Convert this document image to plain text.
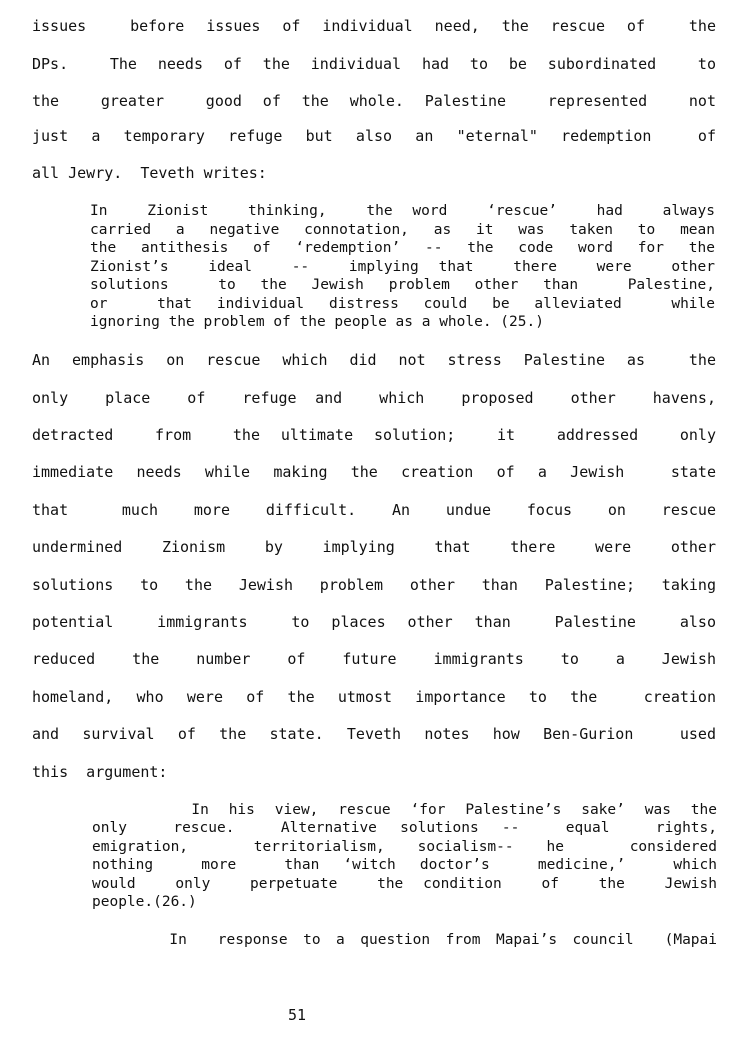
issues  before issues of individual need, the rescue of  the
DPs.  The needs of the individual had to be subordinated  to
the  greater  good of the whole. Palestine  represented  not
just a temporary refuge but also an "eternal" redemption  of
all Jewry.  Teveth writes:
In  Zionist  thinking,  the word  ‘rescue’  had  always
carried a negative connotation, as it was taken to mean
the antithesis of ‘redemption’ -- the code word for the
Zionist’s  ideal  --  implying that  there  were  other
solutions  to the Jewish problem other than  Palestine,
or  that individual distress could be alleviated  while
ignoring the problem of the people as a whole. (25.)
An emphasis on rescue which did not stress Palestine as  the
only  place  of  refuge and  which  proposed  other  havens,
detracted  from  the ultimate solution;  it  addressed  only
immediate needs while making the creation of a Jewish  state
that   much  more  difficult.  An  undue  focus  on  rescue
undermined  Zionism  by  implying  that  there  were  other
solutions to the Jewish problem other than Palestine; taking
potential  immigrants  to places other than  Palestine  also
reduced  the  number  of  future  immigrants  to  a  Jewish
homeland, who were of the utmost importance to the  creation
and survival of the state. Teveth notes how Ben-Gurion  used
this  argument:
In his view, rescue ‘for Palestine’s sake’ was the
only  rescue.  Alternative solutions --  equal  rights,
emigration,  territorialism, socialism-- he  considered
nothing  more  than ‘witch doctor’s  medicine,’  which
would  only  perpetuate  the condition  of  the  Jewish
people.(26.)
In  response to a question from Mapai’s council  (Mapai
51
